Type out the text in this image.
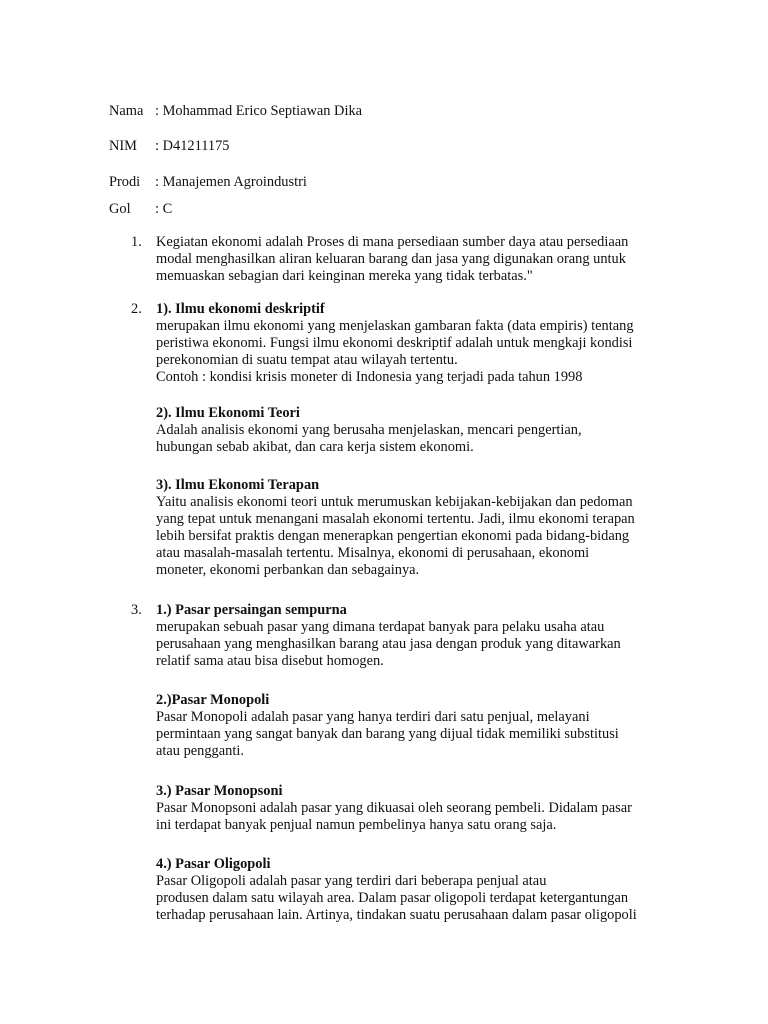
Nama : Mohammad Erico Septiawan Dika
NIM : D41211175
Prodi : Manajemen Agroindustri
Gol : C
1. Kegiatan ekonomi adalah Proses di mana persediaan sumber daya atau persediaan
modal menghasilkan aliran keluaran barang dan jasa yang digunakan orang untuk
memuaskan sebagian dari keinginan mereka yang tidak terbatas."
2. 1). Ilmu ekonomi deskriptif
merupakan ilmu ekonomi yang menjelaskan gambaran fakta (data empiris) tentang
peristiwa ekonomi. Fungsi ilmu ekonomi deskriptif adalah untuk mengkaji kondisi
perekonomian di suatu tempat atau wilayah tertentu.
Contoh : kondisi krisis moneter di Indonesia yang terjadi pada tahun 1998
2). Ilmu Ekonomi Teori
Adalah analisis ekonomi yang berusaha menjelaskan, mencari pengertian,
hubungan sebab akibat, dan cara kerja sistem ekonomi.
3). Ilmu Ekonomi Terapan
Yaitu analisis ekonomi teori untuk merumuskan kebijakan-kebijakan dan pedoman
yang tepat untuk menangani masalah ekonomi tertentu. Jadi, ilmu ekonomi terapan
lebih bersifat praktis dengan menerapkan pengertian ekonomi pada bidang-bidang
atau masalah-masalah tertentu. Misalnya, ekonomi di perusahaan, ekonomi
moneter, ekonomi perbankan dan sebagainya.
3. 1.) Pasar persaingan sempurna
merupakan sebuah pasar yang dimana terdapat banyak para pelaku usaha atau
perusahaan yang menghasilkan barang atau jasa dengan produk yang ditawarkan
relatif sama atau bisa disebut homogen.
2.)Pasar Monopoli
Pasar Monopoli adalah pasar yang hanya terdiri dari satu penjual, melayani
permintaan yang sangat banyak dan barang yang dijual tidak memiliki substitusi
atau pengganti.
3.) Pasar Monopsoni
Pasar Monopsoni adalah pasar yang dikuasai oleh seorang pembeli. Didalam pasar
ini terdapat banyak penjual namun pembelinya hanya satu orang saja.
4.) Pasar Oligopoli
Pasar Oligopoli adalah pasar yang terdiri dari beberapa penjual atau
produsen dalam satu wilayah area. Dalam pasar oligopoli terdapat ketergantungan
terhadap perusahaan lain. Artinya, tindakan suatu perusahaan dalam pasar oligopoli
